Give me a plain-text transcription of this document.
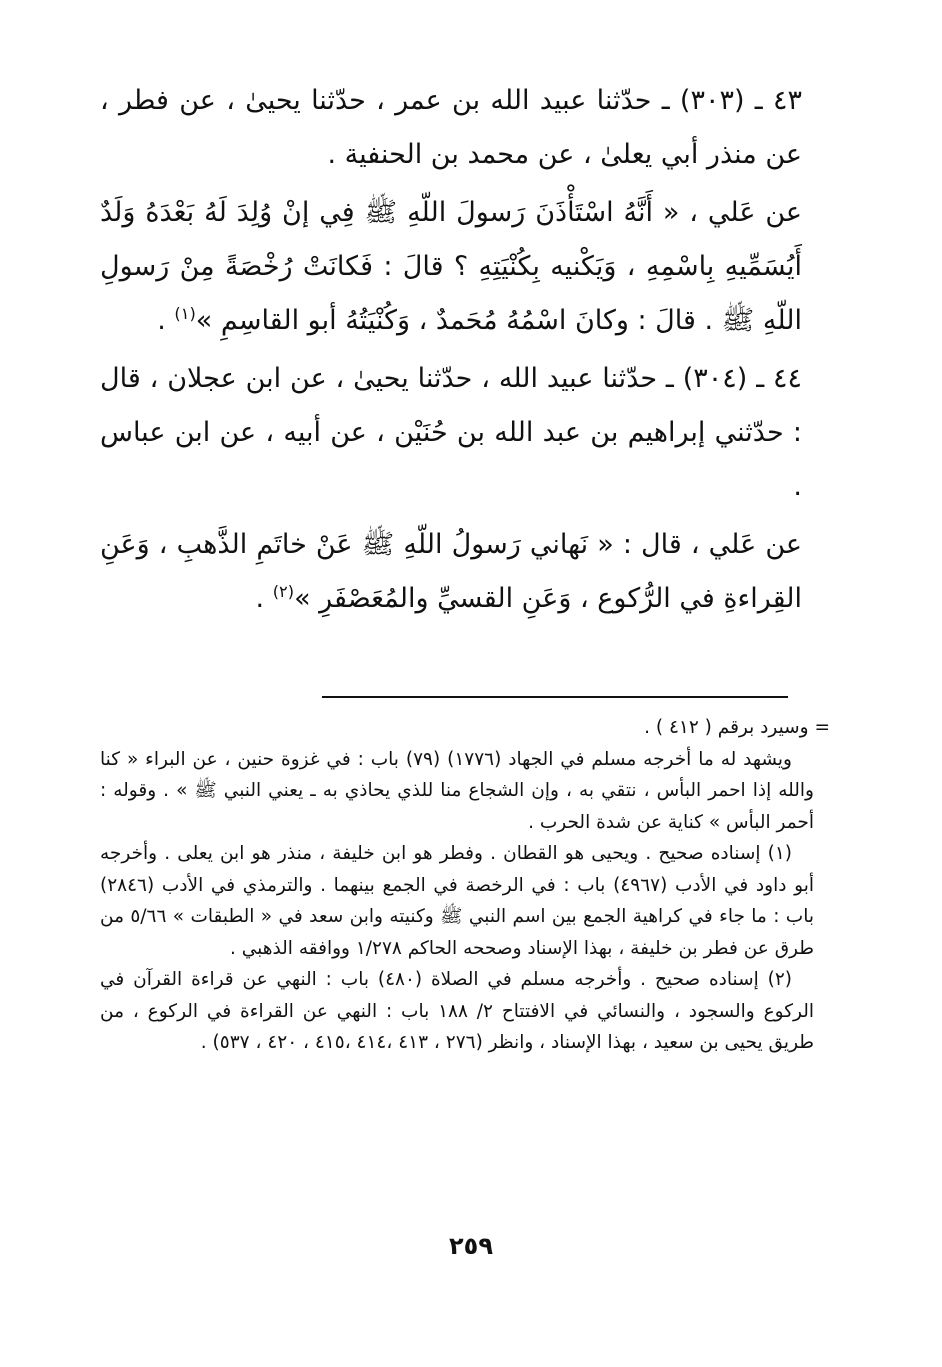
٤٣ ـ (٣٠٣) ـ حدّثنا عبيد الله بن عمر ، حدّثنا يحيىٰ ، عن فطر ، عن منذر أبي يعلىٰ ، عن محمد بن الحنفية .

عن عَلي ، « أَنَّهُ اسْتَأْذَنَ رَسولَ اللّهِ ﷺ فِي إنْ وُلِدَ لَهُ بَعْدَهُ وَلَدٌ أَيُسَمِّيهِ بِاسْمِهِ ، وَيَكْنيه بِكُنْيَتِهِ ؟ قالَ : فَكانَتْ رُخْصَةً مِنْ رَسولِ اللّهِ ﷺ . قالَ : وكانَ اسْمُهُ مُحَمدٌ ، وَكُنْيَتُهُ أبو القاسِمِ »$^{(١)}$ .

٤٤ ـ (٣٠٤) ـ حدّثنا عبيد الله ، حدّثنا يحيىٰ ، عن ابن عجلان ، قال : حدّثني إبراهيم بن عبد الله بن حُنَيْن ، عن أبيه ، عن ابن عباس .

عن عَلي ، قال : « نَهاني رَسولُ اللّهِ ﷺ عَنْ خاتَمِ الذَّهبِ ، وَعَنِ القِراءةِ في الرُّكوع ، وَعَنِ القسيِّ والمُعَصْفَرِ »$^{(٢)}$ .

= وسيرد برقم ( ٤١٢ ) .

ويشهد له ما أخرجه مسلم في الجهاد (١٧٧٦) (٧٩) باب : في غزوة حنين ، عن البراء « كنا والله إذا احمر البأس ، نتقي به ، وإن الشجاع منا للذي يحاذي به ـ يعني النبي ﷺ » . وقوله : أحمر البأس » كناية عن شدة الحرب .

(١) إسناده صحيح . ويحيى هو القطان . وفطر هو ابن خليفة ، منذر هو ابن يعلى . وأخرجه أبو داود في الأدب (٤٩٦٧) باب : في الرخصة في الجمع بينهما . والترمذي في الأدب (٢٨٤٦) باب : ما جاء في كراهية الجمع بين اسم النبي ﷺ وكنيته وابن سعد في « الطبقات » ٥/٦٦ من طرق عن فطر بن خليفة ، بهذا الإسناد وصححه الحاكم ١/٢٧٨ ووافقه الذهبي .

(٢) إسناده صحيح . وأخرجه مسلم في الصلاة (٤٨٠) باب : النهي عن قراءة القرآن في الركوع والسجود ، والنسائي في الافتتاح ٢/ ١٨٨ باب : النهي عن القراءة في الركوع ، من طريق يحيى بن سعيد ، بهذا الإسناد ، وانظر (٢٧٦ ، ٤١٣ ،٤١٤ ،٤١٥ ، ٤٢٠ ، ٥٣٧) .

٢٥٩
